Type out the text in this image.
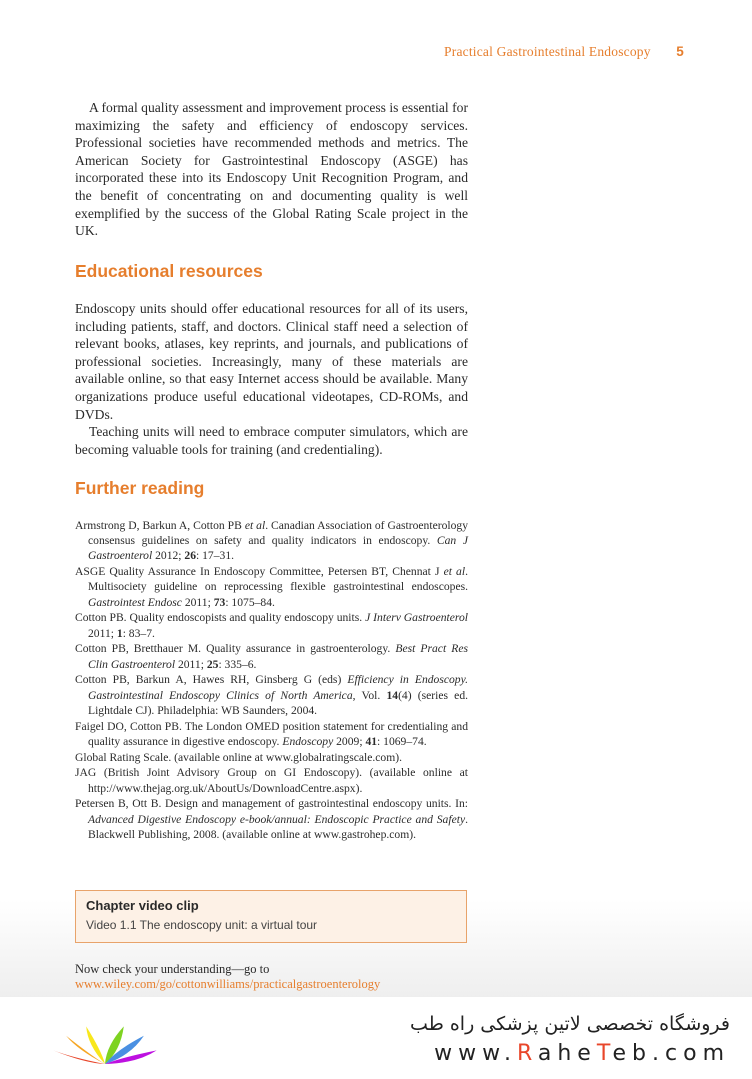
Practical Gastrointestinal Endoscopy 5

A formal quality assessment and improvement process is essential for maximizing the safety and efficiency of endoscopy services. Professional societies have recommended methods and metrics. The American Society for Gastrointestinal Endoscopy (ASGE) has incorporated these into its Endoscopy Unit Recognition Program, and the benefit of concentrating on and documenting quality is well exemplified by the success of the Global Rating Scale project in the UK.

Educational resources

Endoscopy units should offer educational resources for all of its users, including patients, staff, and doctors. Clinical staff need a selection of relevant books, atlases, key reprints, and journals, and publications of professional societies. Increasingly, many of these materials are available online, so that easy Internet access should be available. Many organizations produce useful educational videotapes, CD-ROMs, and DVDs.

Teaching units will need to embrace computer simulators, which are becoming valuable tools for training (and credentialing).

Further reading
Armstrong D, Barkun A, Cotton PB et al. Canadian Association of Gastroenterology consensus guidelines on safety and quality indicators in endoscopy. Can J Gastroenterol 2012; 26: 17–31.
ASGE Quality Assurance In Endoscopy Committee, Petersen BT, Chennat J et al. Multisociety guideline on reprocessing flexible gastrointestinal endoscopes. Gastrointest Endosc 2011; 73: 1075–84.
Cotton PB. Quality endoscopists and quality endoscopy units. J Interv Gastroenterol 2011; 1: 83–7.
Cotton PB, Bretthauer M. Quality assurance in gastroenterology. Best Pract Res Clin Gastroenterol 2011; 25: 335–6.
Cotton PB, Barkun A, Hawes RH, Ginsberg G (eds) Efficiency in Endoscopy. Gastrointestinal Endoscopy Clinics of North America, Vol. 14(4) (series ed. Lightdale CJ). Philadelphia: WB Saunders, 2004.
Faigel DO, Cotton PB. The London OMED position statement for credentialing and quality assurance in digestive endoscopy. Endoscopy 2009; 41: 1069–74.
Global Rating Scale. (available online at www.globalratingscale.com).
JAG (British Joint Advisory Group on GI Endoscopy). (available online at http://www.thejag.org.uk/AboutUs/DownloadCentre.aspx).
Petersen B, Ott B. Design and management of gastrointestinal endoscopy units. In: Advanced Digestive Endoscopy e-book/annual: Endoscopic Practice and Safety. Blackwell Publishing, 2008. (available online at www.gastrohep.com).
Chapter video clip
Video 1.1 The endoscopy unit: a virtual tour
Now check your understanding—go to
www.wiley.com/go/cottonwilliams/practicalgastroenterology
فروشگاه تخصصی لاتین پزشکی راه طب
www.RaheTeb.com
